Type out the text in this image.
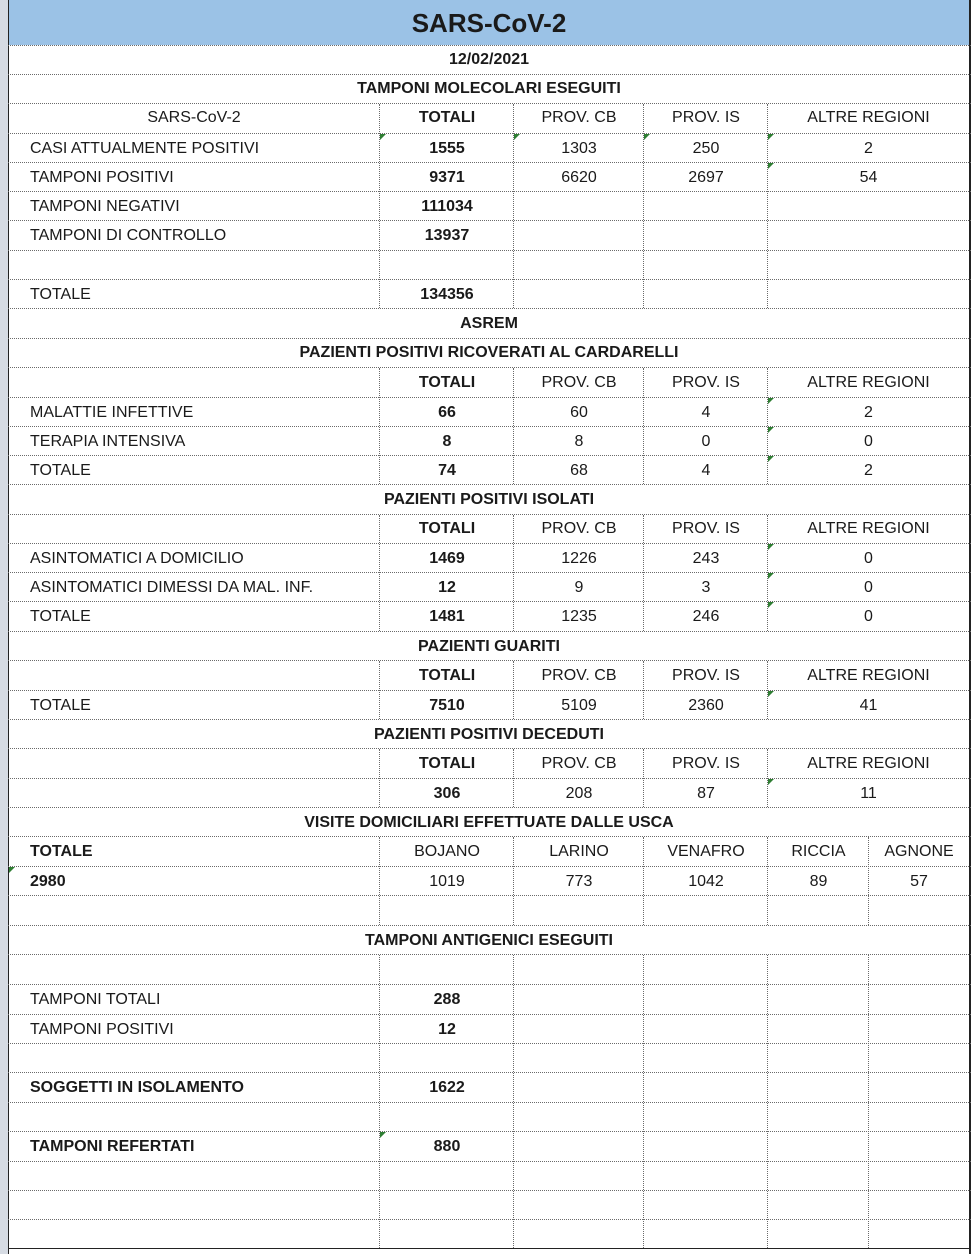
SARS-CoV-2
12/02/2021
TAMPONI MOLECOLARI ESEGUITI
SARS-CoV-2	TOTALI	PROV. CB	PROV. IS	ALTRE REGIONI
CASI ATTUALMENTE POSITIVI	1555	1303	250	2
TAMPONI POSITIVI	9371	6620	2697	54
TAMPONI NEGATIVI	111034
TAMPONI DI CONTROLLO	13937
TOTALE	134356
ASREM
PAZIENTI POSITIVI RICOVERATI AL CARDARELLI
TOTALI	PROV. CB	PROV. IS	ALTRE REGIONI
MALATTIE INFETTIVE	66	60	4	2
TERAPIA INTENSIVA	8	8	0	0
TOTALE	74	68	4	2
PAZIENTI POSITIVI ISOLATI
TOTALI	PROV. CB	PROV. IS	ALTRE REGIONI
ASINTOMATICI A DOMICILIO	1469	1226	243	0
ASINTOMATICI DIMESSI DA MAL. INF.	12	9	3	0
TOTALE	1481	1235	246	0
PAZIENTI GUARITI
TOTALI	PROV. CB	PROV. IS	ALTRE REGIONI
TOTALE	7510	5109	2360	41
PAZIENTI POSITIVI DECEDUTI
TOTALI	PROV. CB	PROV. IS	ALTRE REGIONI
306	208	87	11
VISITE DOMICILIARI EFFETTUATE DALLE USCA
TOTALE	BOJANO	LARINO	VENAFRO	RICCIA	AGNONE
2980	1019	773	1042	89	57
TAMPONI ANTIGENICI ESEGUITI
TAMPONI TOTALI	288
TAMPONI POSITIVI	12
SOGGETTI IN ISOLAMENTO	1622
TAMPONI REFERTATI	880
